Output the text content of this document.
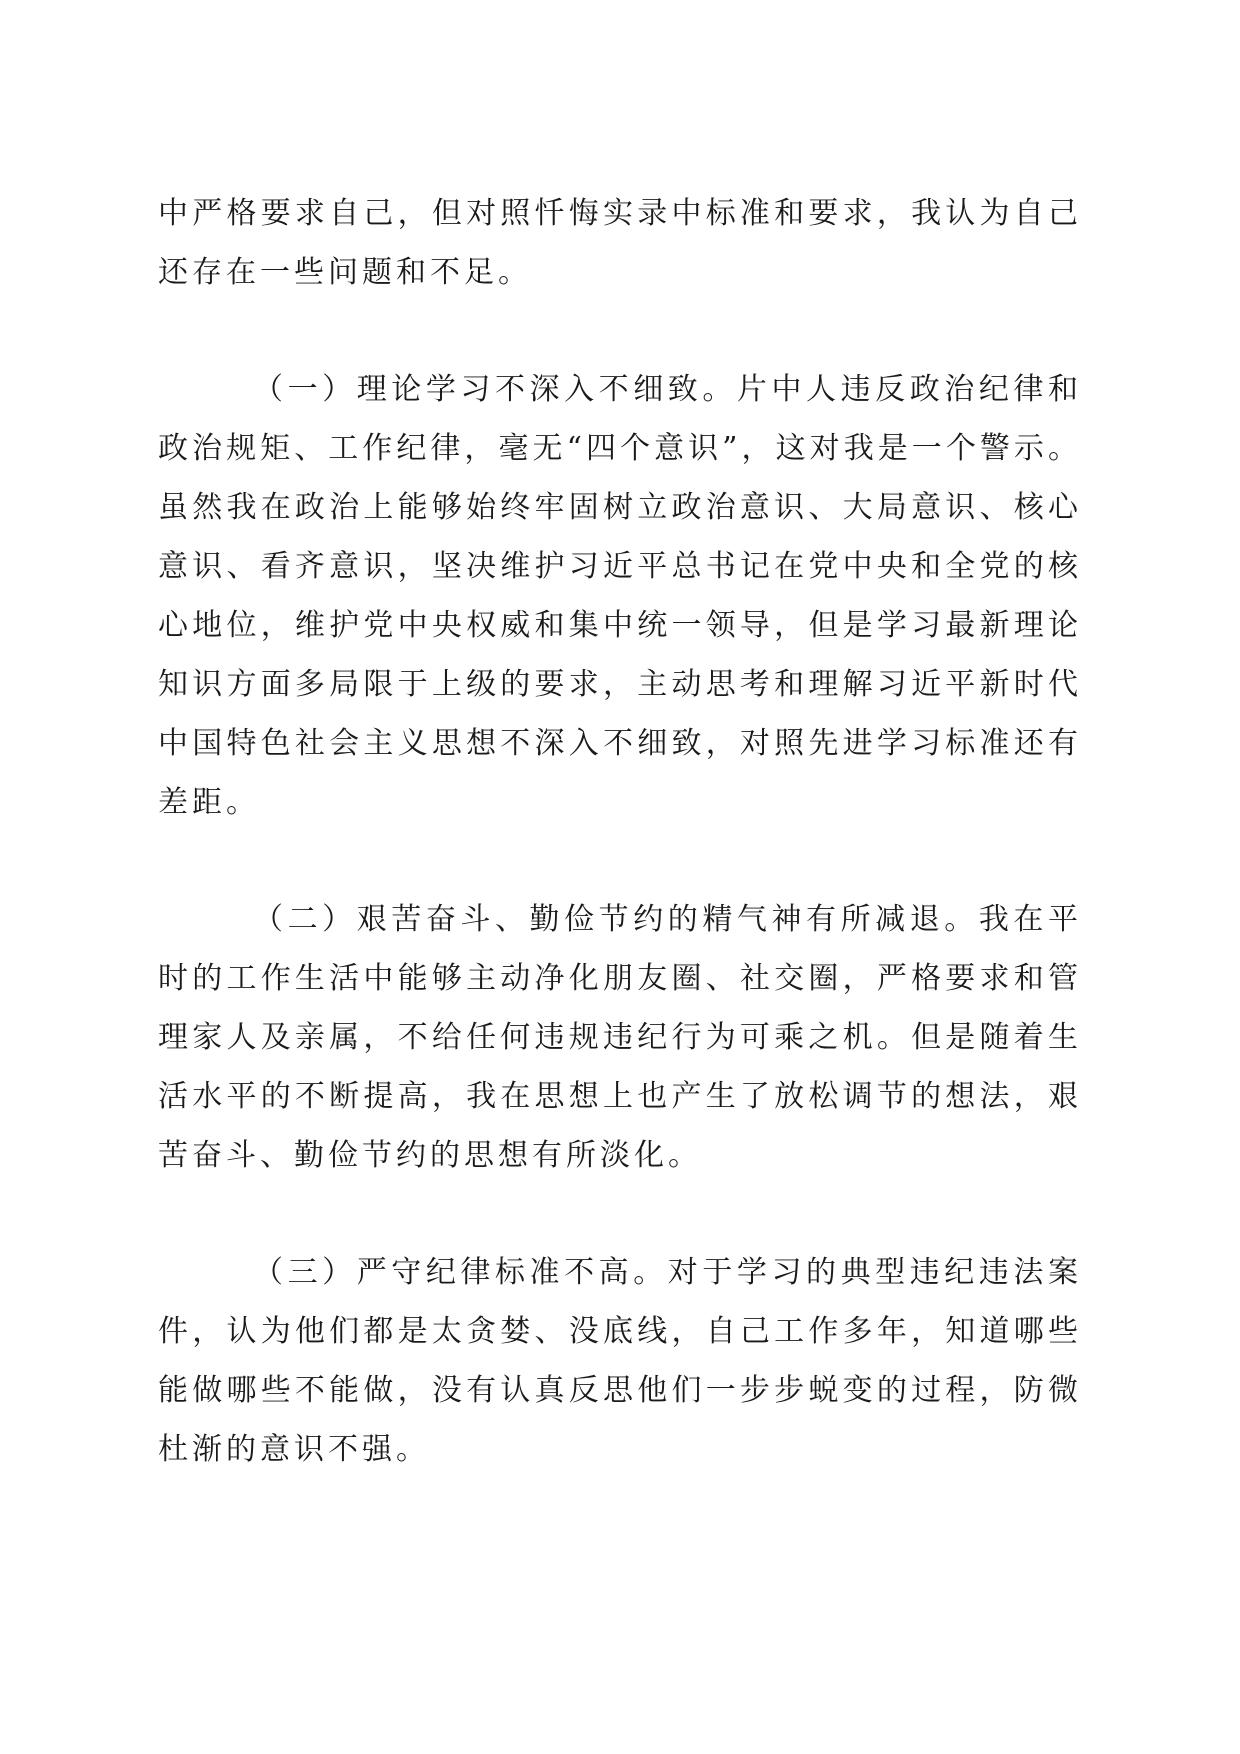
中严格要求自己，但对照忏悔实录中标准和要求，我认为自己还存在一些问题和不足。

（一）理论学习不深入不细致。片中人违反政治纪律和政治规矩、工作纪律，毫无“四个意识”，这对我是一个警示。虽然我在政治上能够始终牢固树立政治意识、大局意识、核心意识、看齐意识，坚决维护习近平总书记在党中央和全党的核心地位，维护党中央权威和集中统一领导，但是学习最新理论知识方面多局限于上级的要求，主动思考和理解习近平新时代中国特色社会主义思想不深入不细致，对照先进学习标准还有差距。

（二）艰苦奋斗、勤俭节约的精气神有所减退。我在平时的工作生活中能够主动净化朋友圈、社交圈，严格要求和管理家人及亲属，不给任何违规违纪行为可乘之机。但是随着生活水平的不断提高，我在思想上也产生了放松调节的想法，艰苦奋斗、勤俭节约的思想有所淡化。

（三）严守纪律标准不高。对于学习的典型违纪违法案件，认为他们都是太贪婪、没底线，自己工作多年，知道哪些能做哪些不能做，没有认真反思他们一步步蜕变的过程，防微杜渐的意识不强。
